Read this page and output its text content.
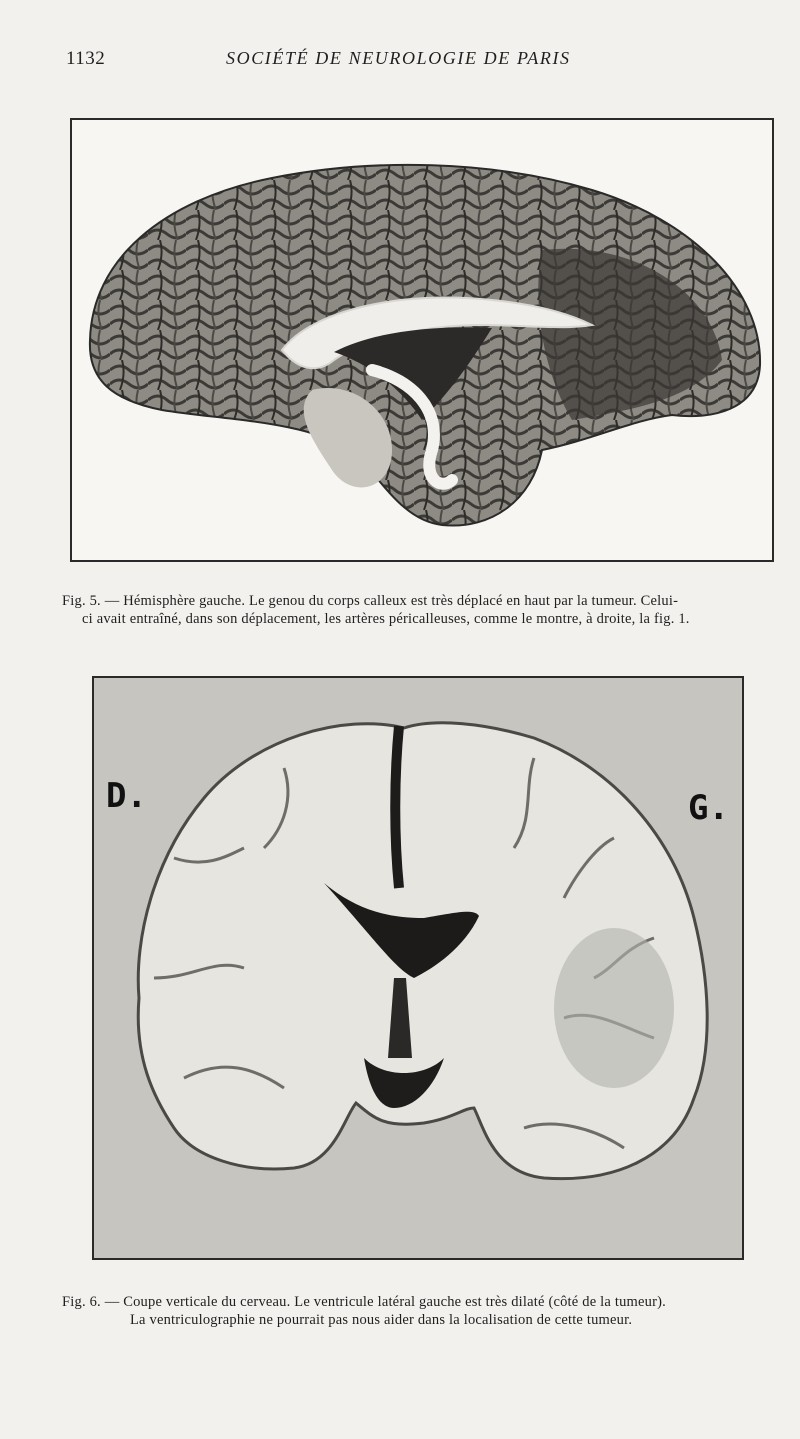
1132	SOCIÉTÉ DE NEUROLOGIE DE PARIS
Fig. 5. — Hémisphère gauche. Le genou du corps calleux est très déplacé en haut par la tumeur. Celui-
ci avait entraîné, dans son déplacement, les artères péricalleuses, comme le montre, à droite, la fig. 1.
D.	G.
Fig. 6. — Coupe verticale du cerveau. Le ventricule latéral gauche est très dilaté (côté de la tumeur).
La ventriculographie ne pourrait pas nous aider dans la localisation de cette tumeur.
